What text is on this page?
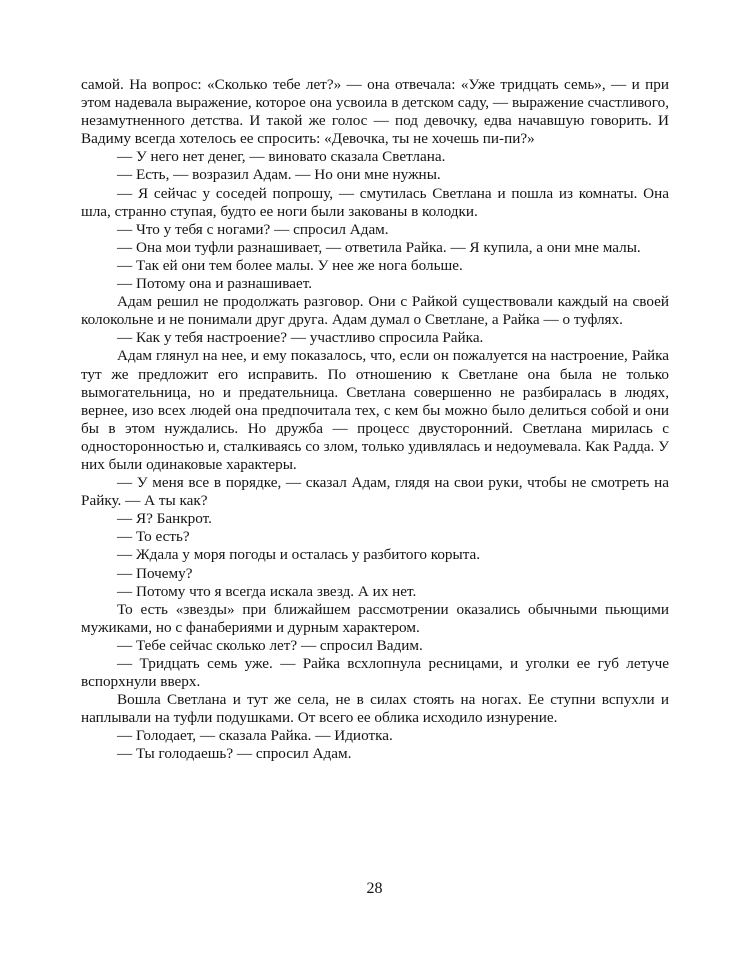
самой. На вопрос: «Сколько тебе лет?» — она отвечала: «Уже тридцать семь», — и при этом надевала выражение, которое она усвоила в детском саду, — выражение счастливого, незамутненного детства. И такой же голос — под девочку, едва начавшую говорить. И Вадиму всегда хотелось ее спросить: «Девочка, ты не хочешь пи-пи?»

— У него нет денег, — виновато сказала Светлана.

— Есть, — возразил Адам. — Но они мне нужны.

— Я сейчас у соседей попрошу, — смутилась Светлана и пошла из комнаты. Она шла, странно ступая, будто ее ноги были закованы в колодки.

— Что у тебя с ногами? — спросил Адам.

— Она мои туфли разнашивает, — ответила Райка. — Я купила, а они мне малы.

— Так ей они тем более малы. У нее же нога больше.

— Потому она и разнашивает.

Адам решил не продолжать разговор. Они с Райкой существовали каждый на своей колокольне и не понимали друг друга. Адам думал о Светлане, а Райка — о туфлях.

— Как у тебя настроение? — участливо спросила Райка.

Адам глянул на нее, и ему показалось, что, если он пожалуется на настроение, Райка тут же предложит его исправить. По отношению к Светлане она была не только вымогательница, но и предательница. Светлана совершенно не разбиралась в людях, вернее, изо всех людей она предпочитала тех, с кем бы можно было делиться собой и они бы в этом нуждались. Но дружба — процесс двусторонний. Светлана мирилась с односторонностью и, сталкиваясь со злом, только удивлялась и недоумевала. Как Радда. У них были одинаковые характеры.

— У меня все в порядке, — сказал Адам, глядя на свои руки, чтобы не смотреть на Райку. — А ты как?

— Я? Банкрот.

— То есть?

— Ждала у моря погоды и осталась у разбитого корыта.

— Почему?

— Потому что я всегда искала звезд. А их нет.

То есть «звезды» при ближайшем рассмотрении оказались обычными пьющими мужиками, но с фанабериями и дурным характером.

— Тебе сейчас сколько лет? — спросил Вадим.

— Тридцать семь уже. — Райка всхлопнула ресницами, и уголки ее губ летуче вспорхнули вверх.

Вошла Светлана и тут же села, не в силах стоять на ногах. Ее ступни вспухли и наплывали на туфли подушками. От всего ее облика исходило изнурение.

— Голодает, — сказала Райка. — Идиотка.

— Ты голодаешь? — спросил Адам.

28
